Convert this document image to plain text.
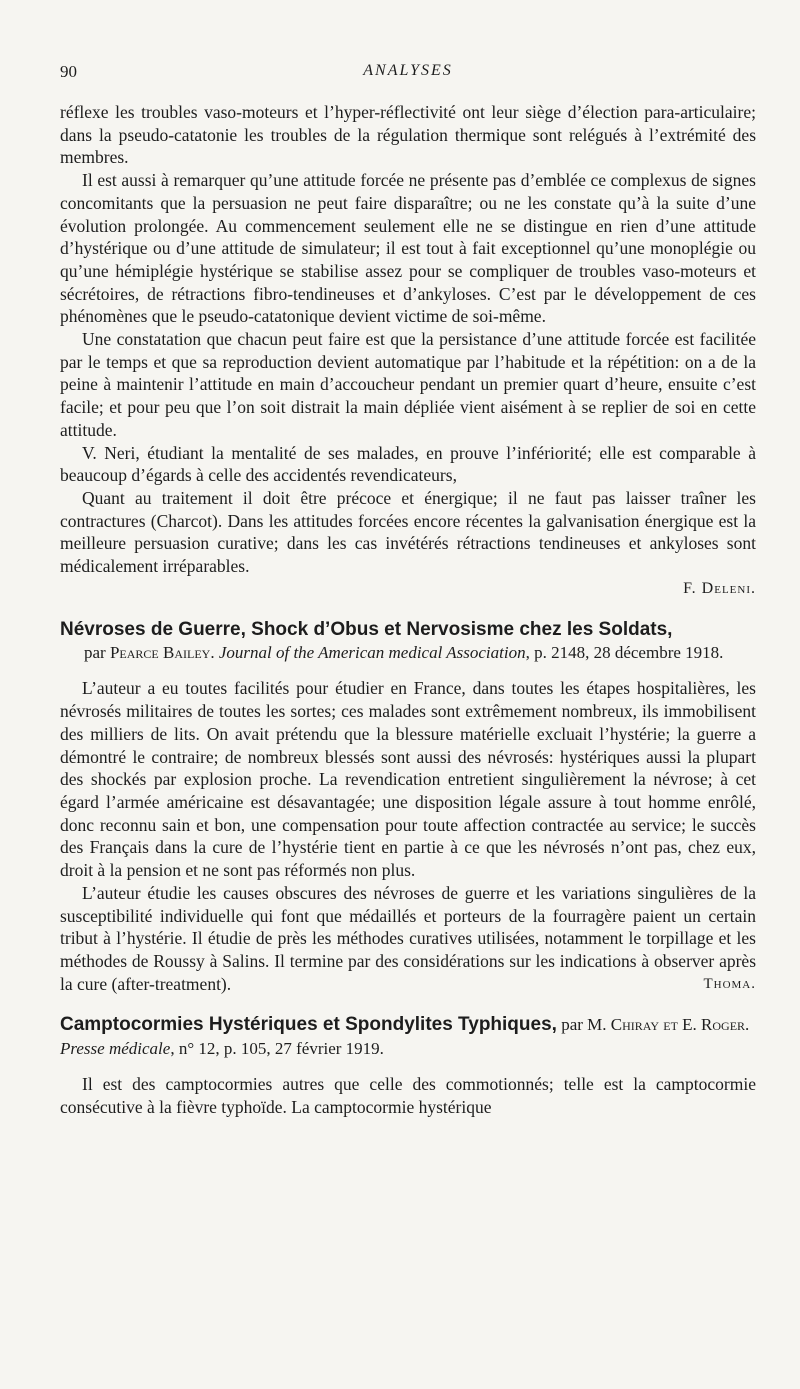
90	ANALYSES

réflexe les troubles vaso-moteurs et l’hyper-réflectivité ont leur siège d’élection para-articulaire; dans la pseudo-catatonie les troubles de la régulation thermique sont relégués à l’extrémité des membres.

Il est aussi à remarquer qu’une attitude forcée ne présente pas d’emblée ce complexus de signes concomitants que la persuasion ne peut faire disparaître; ou ne les constate qu’à la suite d’une évolution prolongée. Au commencement seulement elle ne se distingue en rien d’une attitude d’hystérique ou d’une attitude de simulateur; il est tout à fait exceptionnel qu’une monoplégie ou qu’une hémiplégie hystérique se stabilise assez pour se compliquer de troubles vaso-moteurs et sécrétoires, de rétractions fibro-tendineuses et d’ankyloses. C’est par le développement de ces phénomènes que le pseudo-catatonique devient victime de soi-même.

Une constatation que chacun peut faire est que la persistance d’une attitude forcée est facilitée par le temps et que sa reproduction devient automatique par l’habitude et la répétition: on a de la peine à maintenir l’attitude en main d’accoucheur pendant un premier quart d’heure, ensuite c’est facile; et pour peu que l’on soit distrait la main dépliée vient aisément à se replier de soi en cette attitude.

V. Neri, étudiant la mentalité de ses malades, en prouve l’infériorité; elle est comparable à beaucoup d’égards à celle des accidentés revendicateurs,

Quant au traitement il doit être précoce et énergique; il ne faut pas laisser traîner les contractures (Charcot). Dans les attitudes forcées encore récentes la galvanisation énergique est la meilleure persuasion curative; dans les cas invétérés rétractions tendineuses et ankyloses sont médicalement irréparables.

F. Deleni.
Névroses de Guerre, Shock d’Obus et Nervosisme chez les Soldats,
par Pearce Bailey. Journal of the American medical Association, p. 2148, 28 décembre 1918.

L’auteur a eu toutes facilités pour étudier en France, dans toutes les étapes hospitalières, les névrosés militaires de toutes les sortes; ces malades sont extrêmement nombreux, ils immobilisent des milliers de lits. On avait prétendu que la blessure matérielle excluait l’hystérie; la guerre a démontré le contraire; de nombreux blessés sont aussi des névrosés: hystériques aussi la plupart des shockés par explosion proche. La revendication entretient singulièrement la névrose; à cet égard l’armée américaine est désavantagée; une disposition légale assure à tout homme enrôlé, donc reconnu sain et bon, une compensation pour toute affection contractée au service; le succès des Français dans la cure de l’hystérie tient en partie à ce que les névrosés n’ont pas, chez eux, droit à la pension et ne sont pas réformés non plus.

L’auteur étudie les causes obscures des névroses de guerre et les variations singulières de la susceptibilité individuelle qui font que médaillés et porteurs de la fourragère paient un certain tribut à l’hystérie. Il étudie de près les méthodes curatives utilisées, notamment le torpillage et les méthodes de Roussy à Salins. Il termine par des considérations sur les indications à observer après la cure (after-treatment).	Thoma.

Camptocormies Hystériques et Spondylites Typhiques, par M. Chiray et E. Roger. Presse médicale, n° 12, p. 105, 27 février 1919.

Il est des camptocormies autres que celle des commotionnés; telle est la camptocormie consécutive à la fièvre typhoïde. La camptocormie hystérique
